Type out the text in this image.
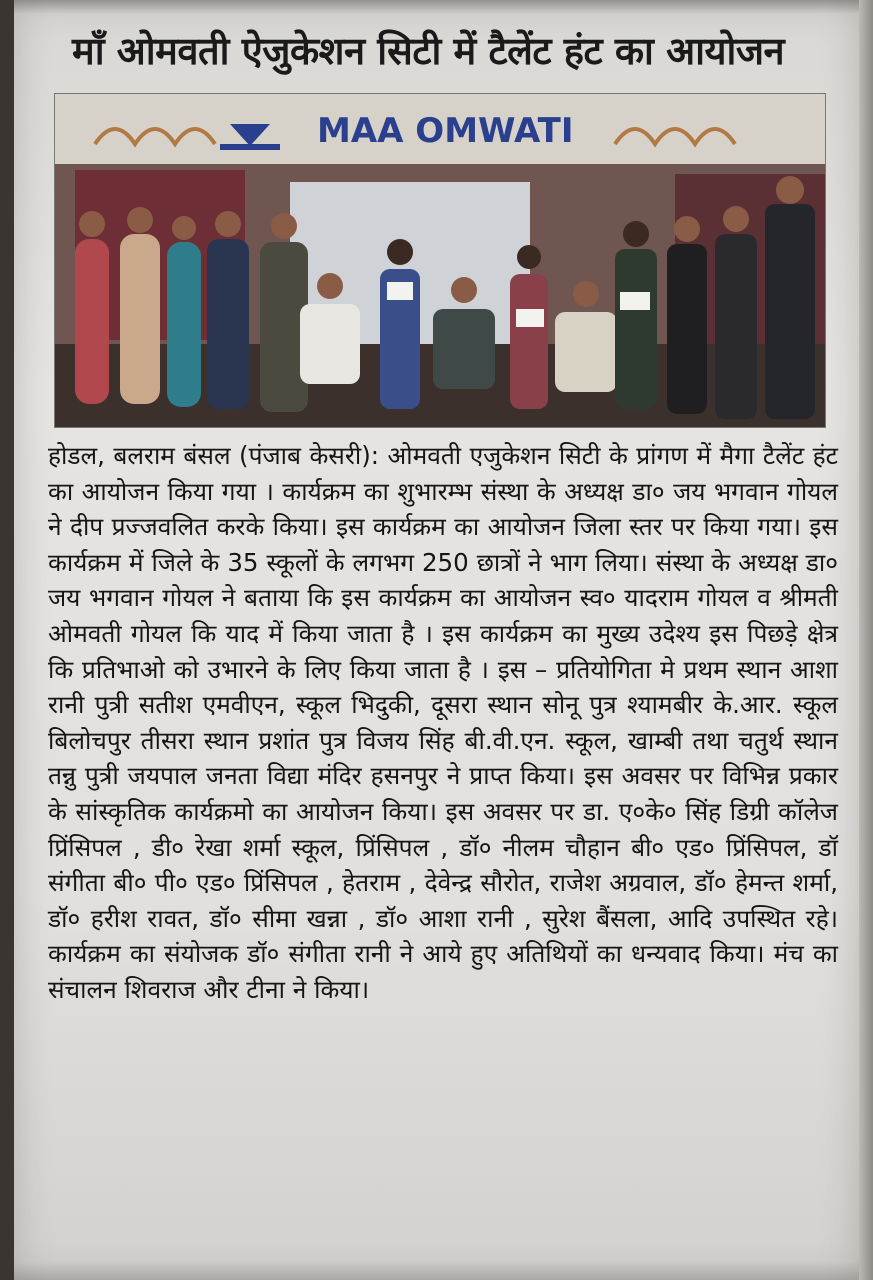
माँ ओमवती ऐजुकेशन सिटी में टैलेंट हंट का आयोजन
MAA OMWATI

होडल, बलराम बंसल (पंजाब केसरी): ओमवती एजुकेशन सिटी के प्रांगण में मैगा टैलेंट हंट का आयोजन किया गया । कार्यक्रम का शुभारम्भ संस्था के अध्यक्ष डा० जय भगवान गोयल ने दीप प्रज्जवलित करके किया। इस कार्यक्रम का आयोजन जिला स्तर पर किया गया। इस कार्यक्रम में जिले के 35 स्कूलों के लगभग 250 छात्रों ने भाग लिया। संस्था के अध्यक्ष डा० जय भगवान गोयल ने बताया कि इस कार्यक्रम का आयोजन स्व० यादराम गोयल व श्रीमती ओमवती गोयल कि याद में किया जाता है । इस कार्यक्रम का मुख्य उदेश्य इस पिछड़े क्षेत्र कि प्रतिभाओ को उभारने के लिए किया जाता है । इस – प्रतियोगिता मे प्रथम स्थान आशा रानी पुत्री सतीश एमवीएन, स्कूल भिदुकी, दूसरा स्थान सोनू पुत्र श्यामबीर के.आर. स्कूल बिलोचपुर तीसरा स्थान प्रशांत पुत्र विजय सिंह बी.वी.एन. स्कूल, खाम्बी तथा चतुर्थ स्थान तन्नु पुत्री जयपाल जनता विद्या मंदिर हसनपुर ने प्राप्त किया। इस अवसर पर विभिन्न प्रकार के सांस्कृतिक कार्यक्रमो का आयोजन किया। इस अवसर पर डा. ए०के० सिंह डिग्री कॉलेज प्रिंसिपल , डी० रेखा शर्मा स्कूल, प्रिंसिपल , डॉ० नीलम चौहान बी० एड० प्रिंसिपल, डॉ संगीता बी० पी० एड० प्रिंसिपल , हेतराम , देवेन्द्र सौरोत, राजेश अग्रवाल, डॉ० हेमन्त शर्मा, डॉ० हरीश रावत, डॉ० सीमा खन्ना , डॉ० आशा रानी , सुरेश बैंसला, आदि उपस्थित रहे। कार्यक्रम का संयोजक डॉ० संगीता रानी ने आये हुए अतिथियों का धन्यवाद किया। मंच का संचालन शिवराज और टीना ने किया।
